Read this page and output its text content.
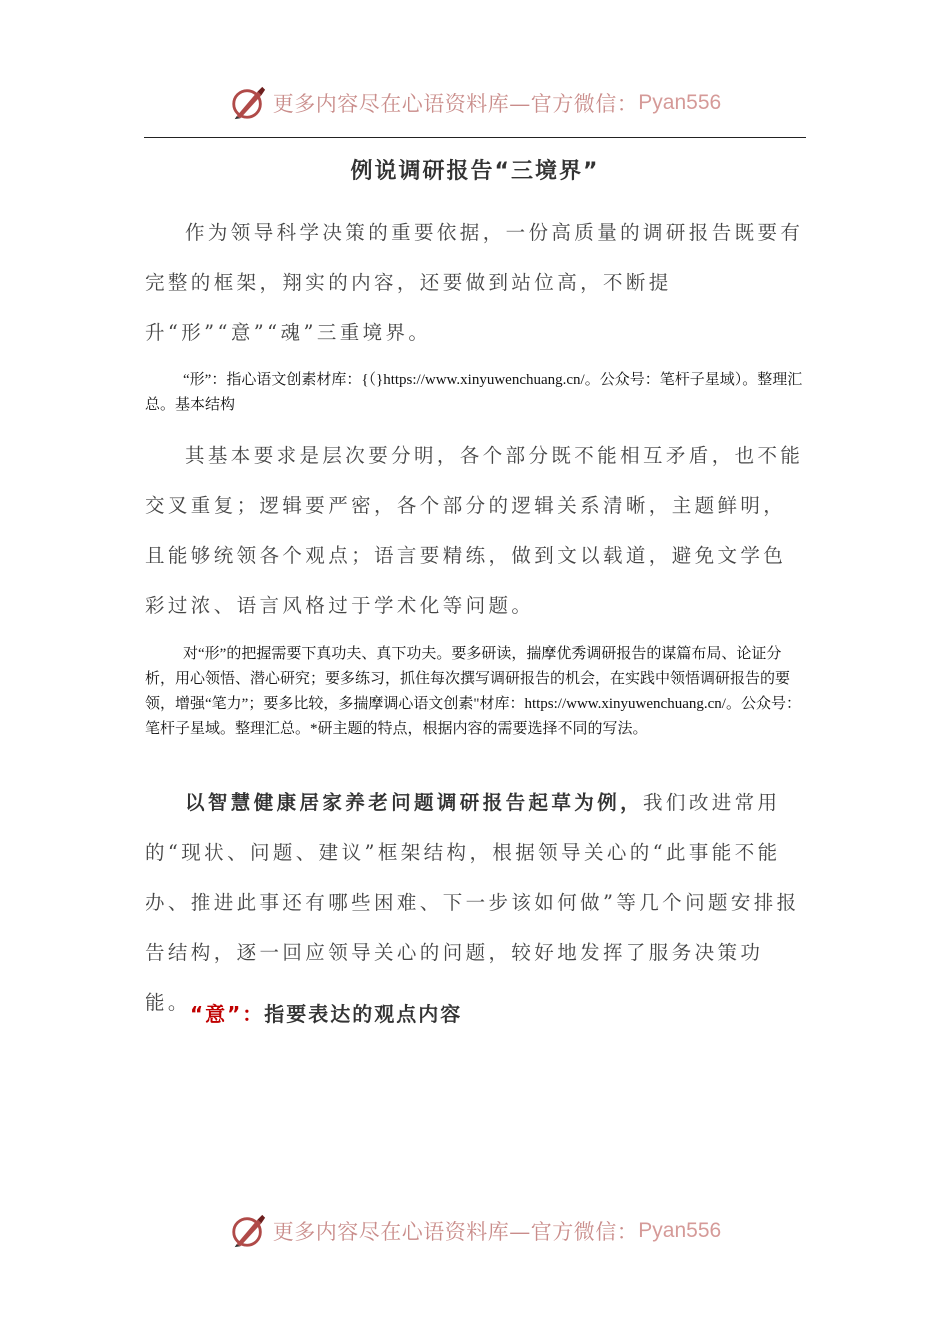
更多内容尽在心语资料库—官方微信： Pyan556
例说调研报告“三境界”

作为领导科学决策的重要依据，一份高质量的调研报告既要有完整的框架，翔实的内容，还要做到站位高，不断提升“形”“意”“魂”三重境界。

“形”：指心语文创素材库：{（}https://www.xinyuwenchuang.cn/。公众号：笔杆子星域）。整理汇总。基本结构

其基本要求是层次要分明，各个部分既不能相互矛盾，也不能交叉重复；逻辑要严密，各个部分的逻辑关系清晰，主题鲜明，且能够统领各个观点；语言要精练，做到文以载道，避免文学色彩过浓、语言风格过于学术化等问题。

对“形”的把握需要下真功夫、真下功夫。要多研读，揣摩优秀调研报告的谋篇布局、论证分析，用心领悟、潜心研究；要多练习，抓住每次撰写调研报告的机会，在实践中领悟调研报告的要领，增强“笔力”；要多比较，多揣摩调心语文创素"材库：https://www.xinyuwenchuang.cn/。公众号：笔杆子星域。整理汇总。*研主题的特点，根据内容的需要选择不同的写法。

以智慧健康居家养老问题调研报告起草为例，我们改进常用的“现状、问题、建议”框架结构，根据领导关心的“此事能不能办、推进此事还有哪些困难、下一步该如何做”等几个问题安排报告结构，逐一回应领导关心的问题，较好地发挥了服务决策功能。 “意”：指要表达的观点内容
更多内容尽在心语资料库—官方微信： Pyan556
